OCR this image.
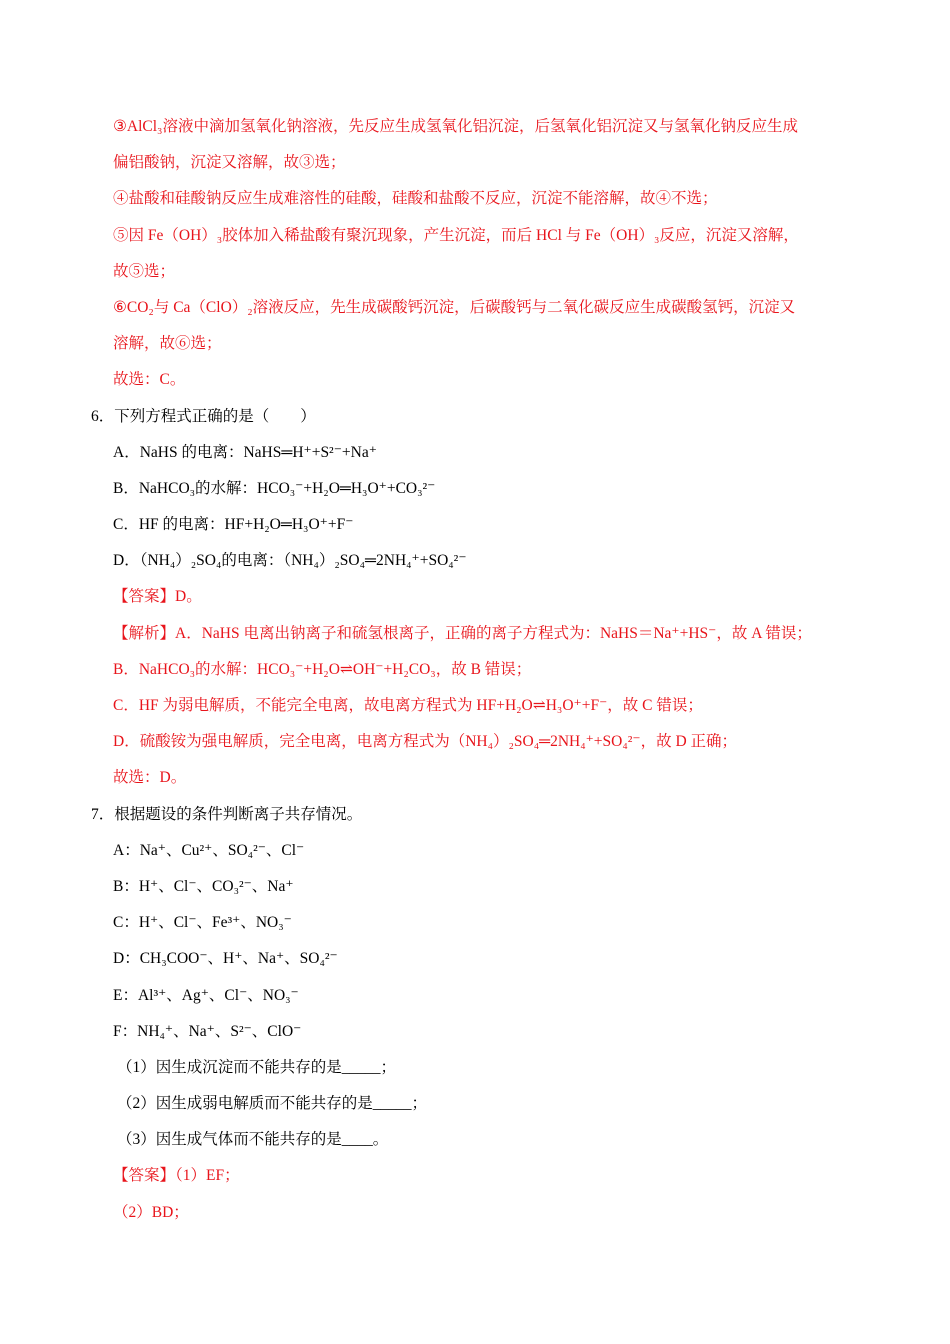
③AlCl₃溶液中滴加氢氧化钠溶液，先反应生成氢氧化铝沉淀，后氢氧化铝沉淀又与氢氧化钠反应生成
偏铝酸钠，沉淀又溶解，故③选；
④盐酸和硅酸钠反应生成难溶性的硅酸，硅酸和盐酸不反应，沉淀不能溶解，故④不选；
⑤因 Fe（OH）₃胶体加入稀盐酸有聚沉现象，产生沉淀，而后 HCl 与 Fe（OH）₃反应，沉淀又溶解，
故⑤选；
⑥CO₂与 Ca（ClO）₂溶液反应，先生成碳酸钙沉淀，后碳酸钙与二氧化碳反应生成碳酸氢钙，沉淀又
溶解，故⑥选；
故选：C。
6．下列方程式正确的是（　　）
A．NaHS 的电离：NaHS═H⁺+S²⁻+Na⁺
B．NaHCO₃的水解：HCO₃⁻+H₂O═H₃O⁺+CO₃²⁻
C．HF 的电离：HF+H₂O═H₃O⁺+F⁻
D．（NH₄）₂SO₄的电离：（NH₄）₂SO₄═2NH₄⁺+SO₄²⁻
【答案】D。
【解析】A．NaHS 电离出钠离子和硫氢根离子，正确的离子方程式为：NaHS＝Na⁺+HS⁻，故 A 错误；
B．NaHCO₃的水解：HCO₃⁻+H₂O⇌OH⁻+H₂CO₃，故 B 错误；
C．HF 为弱电解质，不能完全电离，故电离方程式为 HF+H₂O⇌H₃O⁺+F⁻，故 C 错误；
D．硫酸铵为强电解质，完全电离，电离方程式为（NH₄）₂SO₄═2NH₄⁺+SO₄²⁻，故 D 正确；
故选：D。
7．根据题设的条件判断离子共存情况。
A：Na⁺、Cu²⁺、SO₄²⁻、Cl⁻
B：H⁺、Cl⁻、CO₃²⁻、Na⁺
C：H⁺、Cl⁻、Fe³⁺、NO₃⁻
D：CH₃COO⁻、H⁺、Na⁺、SO₄²⁻
E：Al³⁺、Ag⁺、Cl⁻、NO₃⁻
F：NH₄⁺、Na⁺、S²⁻、ClO⁻
（1）因生成沉淀而不能共存的是_____；
（2）因生成弱电解质而不能共存的是_____；
（3）因生成气体而不能共存的是____。
【答案】（1）EF；
（2）BD；
